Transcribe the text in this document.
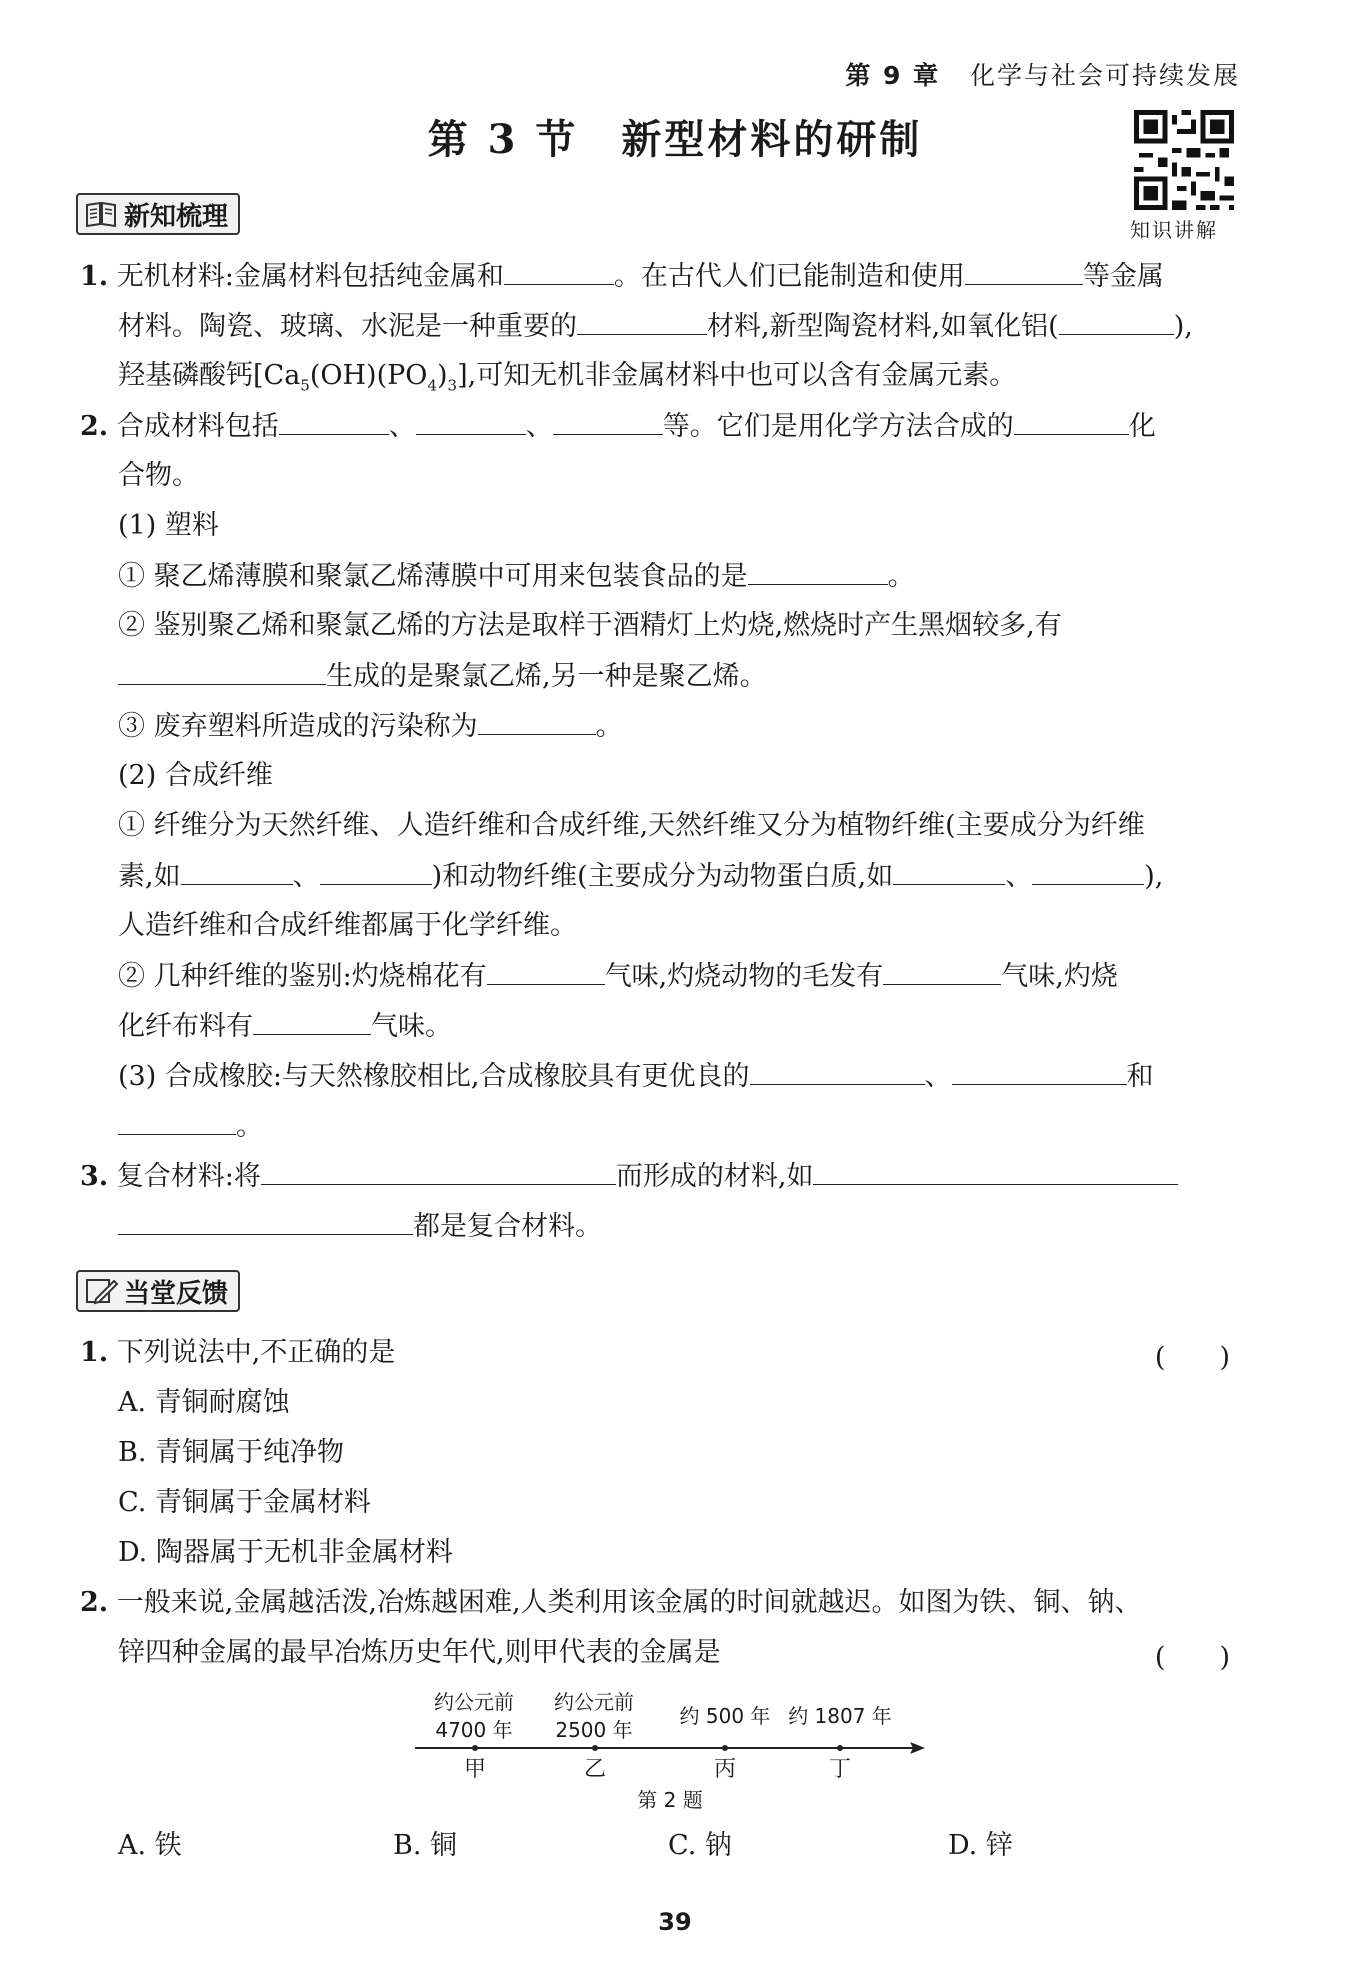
第 9 章 化学与社会可持续发展
第 3 节　新型材料的研制
知识讲解
新知梳理
1. 无机材料:金属材料包括纯金属和	。在古代人们已能制造和使用	等金属
材料。陶瓷、玻璃、水泥是一种重要的	材料,新型陶瓷材料,如氧化铝(	),
羟基磷酸钙$[Ca_5(OH)(PO_4)_3]$,可知无机非金属材料中也可以含有金属元素。
2. 合成材料包括	、	、	等。它们是用化学方法合成的	化
合物。
(1) 塑料
① 聚乙烯薄膜和聚氯乙烯薄膜中可用来包装食品的是	。
② 鉴别聚乙烯和聚氯乙烯的方法是取样于酒精灯上灼烧,燃烧时产生黑烟较多,有
生成的是聚氯乙烯,另一种是聚乙烯。
③ 废弃塑料所造成的污染称为	。
(2) 合成纤维
① 纤维分为天然纤维、人造纤维和合成纤维,天然纤维又分为植物纤维(主要成分为纤维
素,如	、	)和动物纤维(主要成分为动物蛋白质,如	、	),
人造纤维和合成纤维都属于化学纤维。
② 几种纤维的鉴别:灼烧棉花有	气味,灼烧动物的毛发有	气味,灼烧
化纤布料有	气味。
(3) 合成橡胶:与天然橡胶相比,合成橡胶具有更优良的	、	和
。
3. 复合材料:将	而形成的材料,如
都是复合材料。
当堂反馈
1. 下列说法中,不正确的是	(　　)
A. 青铜耐腐蚀
B. 青铜属于纯净物
C. 青铜属于金属材料
D. 陶器属于无机非金属材料
2. 一般来说,金属越活泼,冶炼越困难,人类利用该金属的时间就越迟。如图为铁、铜、钠、
锌四种金属的最早冶炼历史年代,则甲代表的金属是	(　　)
约公元前
4700 年
约公元前
2500 年
约 500 年 约 1807 年
甲	乙	丙	丁
第 2 题
A. 铁	B. 铜	C. 钠	D. 锌
39
